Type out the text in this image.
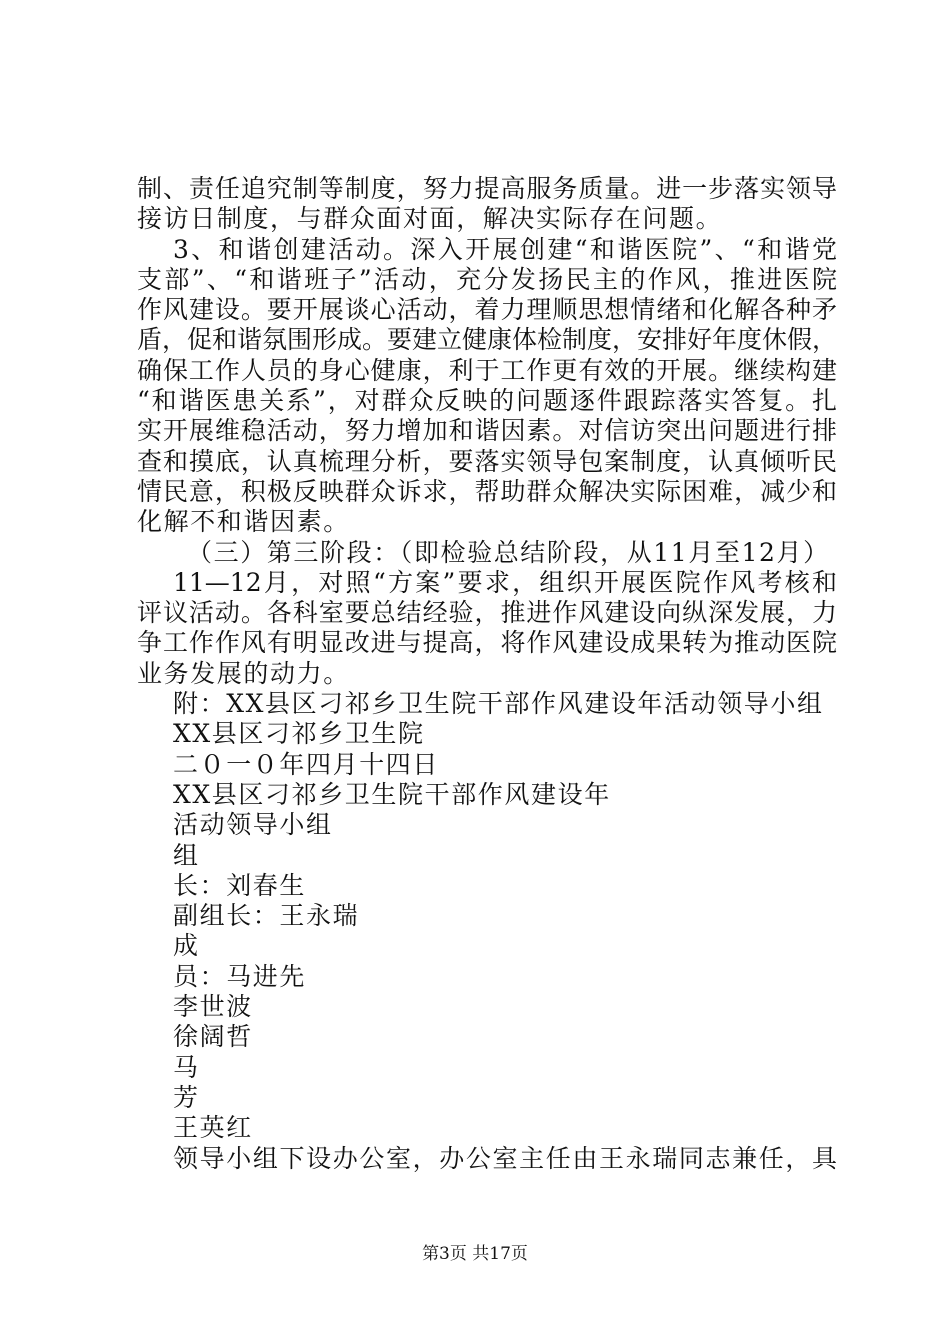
制、责任追究制等制度，努力提高服务质量。进一步落实领导
接访日制度，与群众面对面，解决实际存在问题。
3、和谐创建活动。深入开展创建“和谐医院”、“和谐党
支部”、“和谐班子”活动，充分发扬民主的作风，推进医院
作风建设。要开展谈心活动，着力理顺思想情绪和化解各种矛
盾，促和谐氛围形成。要建立健康体检制度，安排好年度休假，
确保工作人员的身心健康，利于工作更有效的开展。继续构建
“和谐医患关系”，对群众反映的问题逐件跟踪落实答复。扎
实开展维稳活动，努力增加和谐因素。对信访突出问题进行排
查和摸底，认真梳理分析，要落实领导包案制度，认真倾听民
情民意，积极反映群众诉求，帮助群众解决实际困难，减少和
化解不和谐因素。
（三）第三阶段：（即检验总结阶段，从11月至12月）
11—12月，对照“方案”要求，组织开展医院作风考核和
评议活动。各科室要总结经验，推进作风建设向纵深发展，力
争工作作风有明显改进与提高，将作风建设成果转为推动医院
业务发展的动力。
附：XX县区刁祁乡卫生院干部作风建设年活动领导小组
XX县区刁祁乡卫生院
二０一０年四月十四日
XX县区刁祁乡卫生院干部作风建设年
活动领导小组
组
长：刘春生
副组长：王永瑞
成
员：马进先
李世波
徐阔哲
马
芳
王英红
领导小组下设办公室，办公室主任由王永瑞同志兼任，具
第3页 共17页
